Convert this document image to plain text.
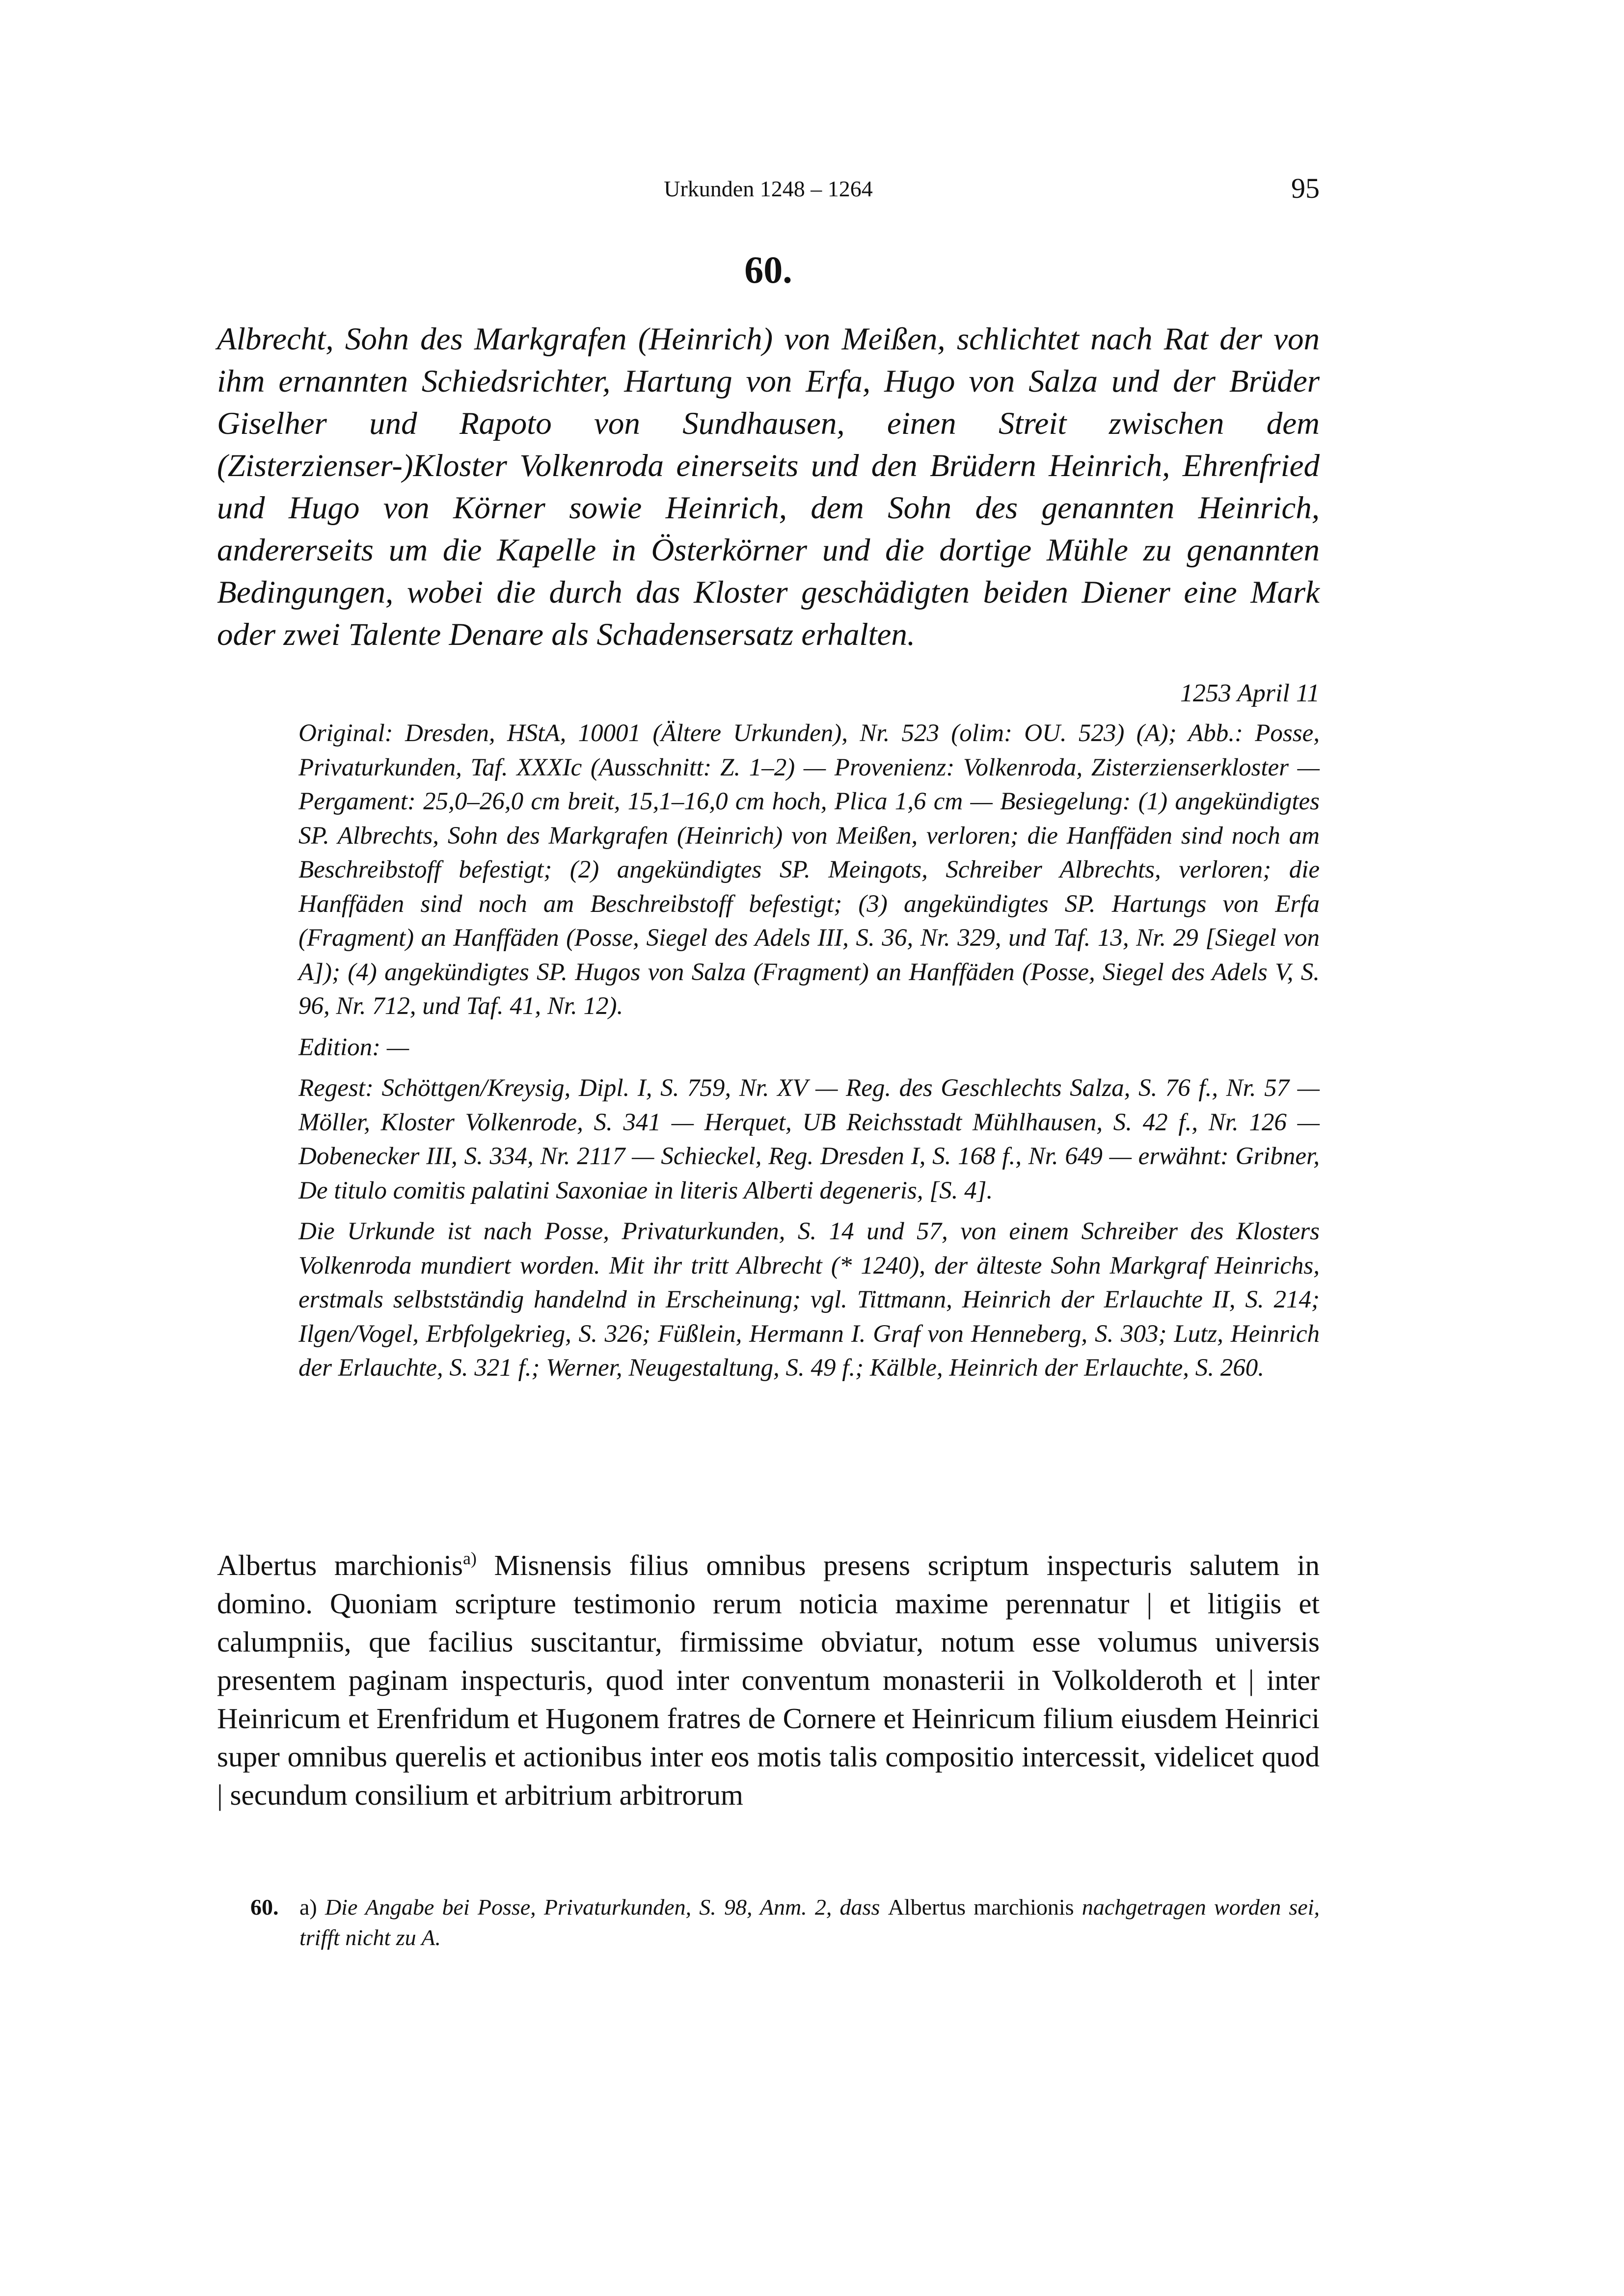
Urkunden 1248 – 1264	95
60.

Albrecht, Sohn des Markgrafen (Heinrich) von Meißen, schlichtet nach Rat der von ihm ernannten Schiedsrichter, Hartung von Erfa, Hugo von Salza und der Brüder Giselher und Rapoto von Sundhausen, einen Streit zwischen dem (Zisterzienser-)Kloster Volkenroda einerseits und den Brüdern Heinrich, Ehrenfried und Hugo von Körner sowie Heinrich, dem Sohn des genannten Heinrich, andererseits um die Kapelle in Österkörner und die dortige Mühle zu genannten Bedingungen, wobei die durch das Kloster geschädigten beiden Diener eine Mark oder zwei Talente Denare als Schadensersatz erhalten.

1253 April 11

Original: Dresden, HStA, 10001 (Ältere Urkunden), Nr. 523 (olim: OU. 523) (A); Abb.: Posse, Privaturkunden, Taf. XXXIc (Ausschnitt: Z. 1–2) — Provenienz: Volkenroda, Zisterzienserkloster — Pergament: 25,0–26,0 cm breit, 15,1–16,0 cm hoch, Plica 1,6 cm — Besiegelung: (1) angekündigtes SP. Albrechts, Sohn des Markgrafen (Heinrich) von Meißen, verloren; die Hanffäden sind noch am Beschreibstoff befestigt; (2) angekündigtes SP. Meingots, Schreiber Albrechts, verloren; die Hanffäden sind noch am Beschreibstoff befestigt; (3) angekündigtes SP. Hartungs von Erfa (Fragment) an Hanffäden (Posse, Siegel des Adels III, S. 36, Nr. 329, und Taf. 13, Nr. 29 [Siegel von A]); (4) angekündigtes SP. Hugos von Salza (Fragment) an Hanffäden (Posse, Siegel des Adels V, S. 96, Nr. 712, und Taf. 41, Nr. 12).

Edition: —

Regest: Schöttgen/Kreysig, Dipl. I, S. 759, Nr. XV — Reg. des Geschlechts Salza, S. 76 f., Nr. 57 — Möller, Kloster Volkenrode, S. 341 — Herquet, UB Reichsstadt Mühlhausen, S. 42 f., Nr. 126 — Dobenecker III, S. 334, Nr. 2117 — Schieckel, Reg. Dresden I, S. 168 f., Nr. 649 — erwähnt: Gribner, De titulo comitis palatini Saxoniae in literis Alberti degeneris, [S. 4].

Die Urkunde ist nach Posse, Privaturkunden, S. 14 und 57, von einem Schreiber des Klosters Volkenroda mundiert worden. Mit ihr tritt Albrecht (* 1240), der älteste Sohn Markgraf Heinrichs, erstmals selbstständig handelnd in Erscheinung; vgl. Tittmann, Heinrich der Erlauchte II, S. 214; Ilgen/Vogel, Erbfolgekrieg, S. 326; Füßlein, Hermann I. Graf von Henneberg, S. 303; Lutz, Heinrich der Erlauchte, S. 321 f.; Werner, Neugestaltung, S. 49 f.; Kälble, Heinrich der Erlauchte, S. 260.

Albertus marchionis$^{a)}$ Misnensis filius omnibus presens scriptum inspecturis salutem in domino. Quoniam scripture testimonio rerum noticia maxime perennatur | et litigiis et calumpniis, que facilius suscitantur, firmissime obviatur, notum esse volumus universis presentem paginam inspecturis, quod inter conventum monasterii in Volkolderoth et | inter Heinricum et Erenfridum et Hugonem fratres de Cornere et Heinricum filium eiusdem Heinrici super omnibus querelis et actionibus inter eos motis talis compositio intercessit, videlicet quod | secundum consilium et arbitrium arbitrorum

60. a) Die Angabe bei Posse, Privaturkunden, S. 98, Anm. 2, dass Albertus marchionis nachgetragen worden sei, trifft nicht zu A.
